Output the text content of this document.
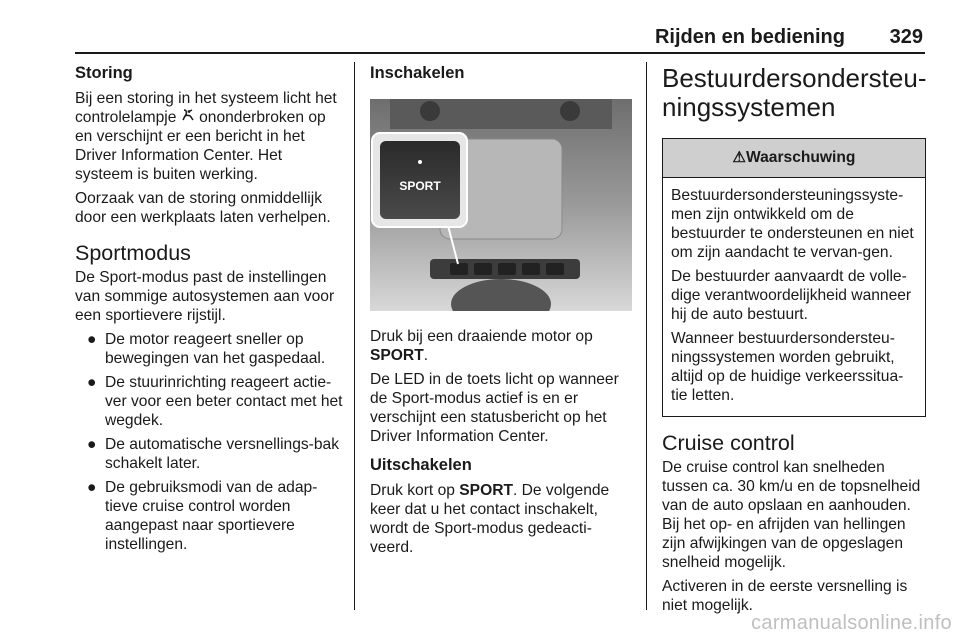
Rijden en bediening 329
Storing

Bij een storing in het systeem licht het controlelampje ononderbroken op en verschijnt er een bericht in het Driver Information Center. Het systeem is buiten werking.

Oorzaak van de storing onmiddellijk door een werkplaats laten verhelpen.

Sportmodus

De Sport-modus past de instellingen van sommige autosystemen aan voor een sportievere rijstijl.

● De motor reageert sneller op bewegingen van het gaspedaal.
● De stuurinrichting reageert actie-ver voor een beter contact met het wegdek.
● De automatische versnellings-bak schakelt later.
● De gebruiksmodi van de adap-tieve cruise control worden aangepast naar sportievere instellingen.
Inschakelen
SPORT

Druk bij een draaiende motor op SPORT.

De LED in de toets licht op wanneer de Sport-modus actief is en er verschijnt een statusbericht op het Driver Information Center.

Uitschakelen

Druk kort op SPORT. De volgende keer dat u het contact inschakelt, wordt de Sport-modus gedeacti-veerd.

Bestuurdersondersteu-ningssystemen
⚠Waarschuwing

Bestuurdersondersteuningssyste-men zijn ontwikkeld om de bestuurder te ondersteunen en niet om zijn aandacht te vervan-gen.

De bestuurder aanvaardt de volle-dige verantwoordelijkheid wanneer hij de auto bestuurt.

Wanneer bestuurdersondersteu-ningssystemen worden gebruikt, altijd op de huidige verkeerssitua-tie letten.

Cruise control

De cruise control kan snelheden tussen ca. 30 km/u en de topsnelheid van de auto opslaan en aanhouden. Bij het op- en afrijden van hellingen zijn afwijkingen van de opgeslagen snelheid mogelijk.

Activeren in de eerste versnelling is niet mogelijk.

carmanualsonline.info
